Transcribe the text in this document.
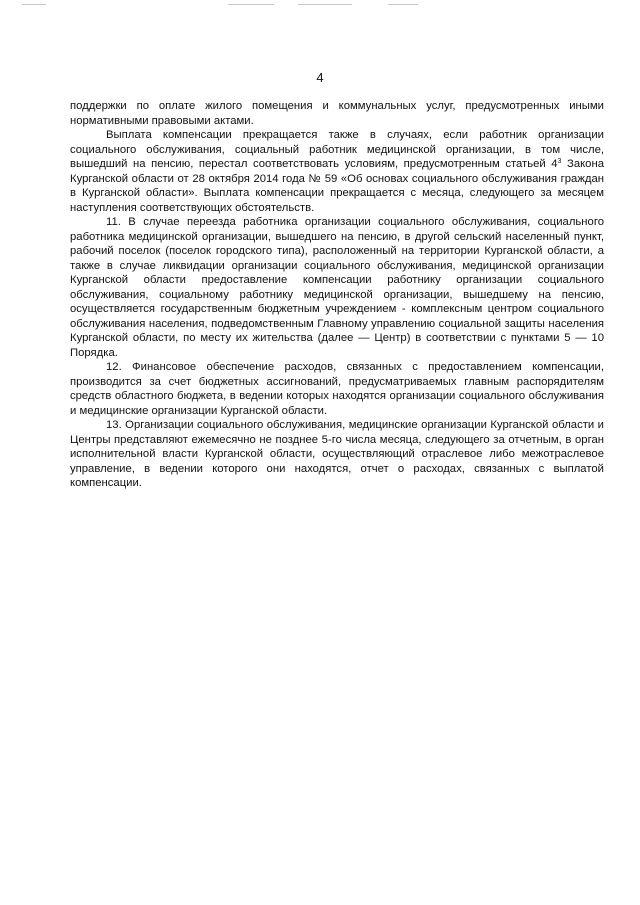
4

поддержки по оплате жилого помещения и коммунальных услуг, предусмотренных иными нормативными правовыми актами.

Выплата компенсации прекращается также в случаях, если работник организации социального обслуживания, социальный работник медицинской организации, в том числе, вышедший на пенсию, перестал соответствовать условиям, предусмотренным статьей $4^3$ Закона Курганской области от 28 октября 2014 года № 59 «Об основах социального обслуживания граждан в Курганской области». Выплата компенсации прекращается с месяца, следующего за месяцем наступления соответствующих обстоятельств.

11. В случае переезда работника организации социального обслуживания, социального работника медицинской организации, вышедшего на пенсию, в другой сельский населенный пункт, рабочий поселок (поселок городского типа), расположенный на территории Курганской области, а также в случае ликвидации организации социального обслуживания, медицинской организации Курганской области предоставление компенсации работнику организации социального обслуживания, социальному работнику медицинской организации, вышедшему на пенсию, осуществляется государственным бюджетным учреждением - комплексным центром социального обслуживания населения, подведомственным Главному управлению социальной защиты населения Курганской области, по месту их жительства (далее — Центр) в соответствии с пунктами 5 — 10 Порядка.

12. Финансовое обеспечение расходов, связанных с предоставлением компенсации, производится за счет бюджетных ассигнований, предусматриваемых главным распорядителям средств областного бюджета, в ведении которых находятся организации социального обслуживания и медицинские организации Курганской области.

13. Организации социального обслуживания, медицинские организации Курганской области и Центры представляют ежемесячно не позднее 5-го числа месяца, следующего за отчетным, в орган исполнительной власти Курганской области, осуществляющий отраслевое либо межотраслевое управление, в ведении которого они находятся, отчет о расходах, связанных с выплатой компенсации.
